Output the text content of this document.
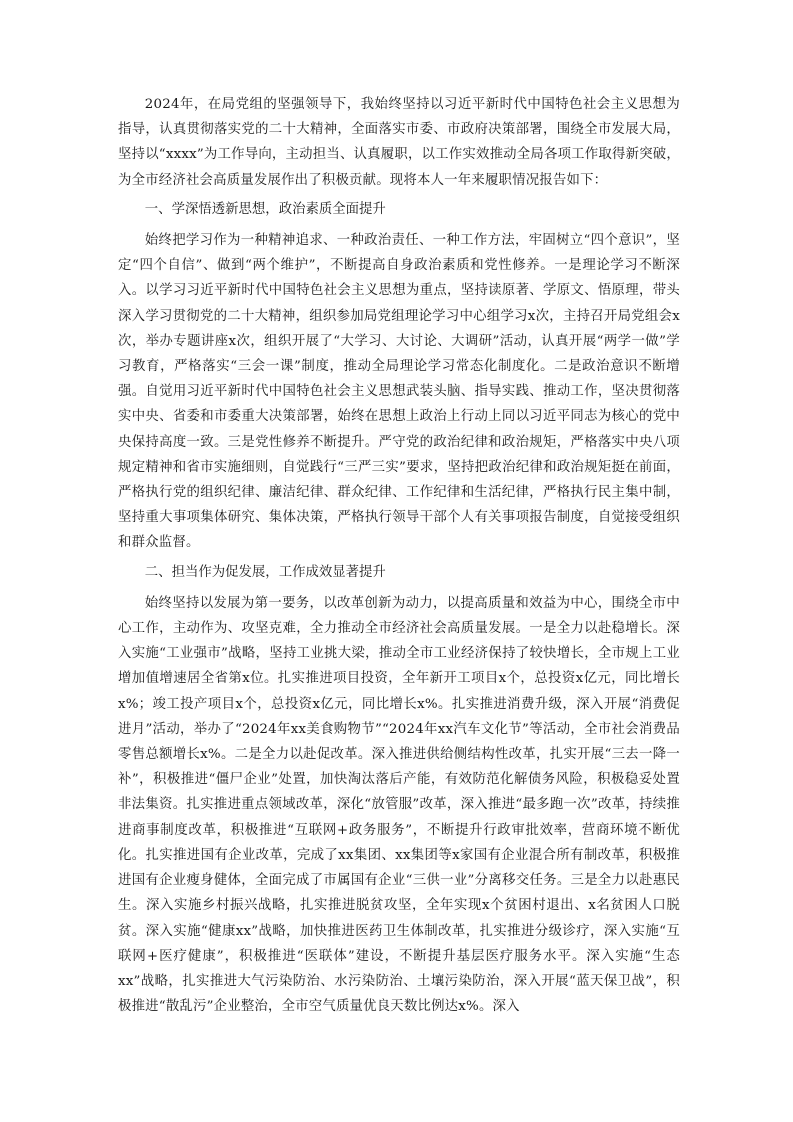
2024年，在局党组的坚强领导下，我始终坚持以习近平新时代中国特色社会主义思想为指导，认真贯彻落实党的二十大精神，全面落实市委、市政府决策部署，围绕全市发展大局，坚持以“xxxx”为工作导向，主动担当、认真履职，以工作实效推动全局各项工作取得新突破，为全市经济社会高质量发展作出了积极贡献。现将本人一年来履职情况报告如下：

一、学深悟透新思想，政治素质全面提升

始终把学习作为一种精神追求、一种政治责任、一种工作方法，牢固树立“四个意识”，坚定“四个自信”、做到“两个维护”，不断提高自身政治素质和党性修养。一是理论学习不断深入。以学习习近平新时代中国特色社会主义思想为重点，坚持读原著、学原文、悟原理，带头深入学习贯彻党的二十大精神，组织参加局党组理论学习中心组学习x次，主持召开局党组会x次，举办专题讲座x次，组织开展了“大学习、大讨论、大调研”活动，认真开展“两学一做”学习教育，严格落实“三会一课”制度，推动全局理论学习常态化制度化。二是政治意识不断增强。自觉用习近平新时代中国特色社会主义思想武装头脑、指导实践、推动工作，坚决贯彻落实中央、省委和市委重大决策部署，始终在思想上政治上行动上同以习近平同志为核心的党中央保持高度一致。三是党性修养不断提升。严守党的政治纪律和政治规矩，严格落实中央八项规定精神和省市实施细则，自觉践行“三严三实”要求，坚持把政治纪律和政治规矩挺在前面，严格执行党的组织纪律、廉洁纪律、群众纪律、工作纪律和生活纪律，严格执行民主集中制，坚持重大事项集体研究、集体决策，严格执行领导干部个人有关事项报告制度，自觉接受组织和群众监督。

二、担当作为促发展，工作成效显著提升

始终坚持以发展为第一要务，以改革创新为动力，以提高质量和效益为中心，围绕全市中心工作，主动作为、攻坚克难，全力推动全市经济社会高质量发展。一是全力以赴稳增长。深入实施“工业强市”战略，坚持工业挑大梁，推动全市工业经济保持了较快增长，全市规上工业增加值增速居全省第x位。扎实推进项目投资，全年新开工项目x个，总投资x亿元，同比增长x%；竣工投产项目x个，总投资x亿元，同比增长x%。扎实推进消费升级，深入开展“消费促进月”活动，举办了“2024年xx美食购物节”“2024年xx汽车文化节”等活动，全市社会消费品零售总额增长x%。二是全力以赴促改革。深入推进供给侧结构性改革，扎实开展“三去一降一补”，积极推进“僵尸企业”处置，加快淘汰落后产能，有效防范化解债务风险，积极稳妥处置非法集资。扎实推进重点领域改革，深化“放管服”改革，深入推进“最多跑一次”改革，持续推进商事制度改革，积极推进“互联网+政务服务”，不断提升行政审批效率，营商环境不断优化。扎实推进国有企业改革，完成了xx集团、xx集团等x家国有企业混合所有制改革，积极推进国有企业瘦身健体，全面完成了市属国有企业“三供一业”分离移交任务。三是全力以赴惠民生。深入实施乡村振兴战略，扎实推进脱贫攻坚，全年实现x个贫困村退出、x名贫困人口脱贫。深入实施“健康xx”战略，加快推进医药卫生体制改革，扎实推进分级诊疗，深入实施“互联网+医疗健康”，积极推进“医联体”建设，不断提升基层医疗服务水平。深入实施“生态xx”战略，扎实推进大气污染防治、水污染防治、土壤污染防治，深入开展“蓝天保卫战”，积极推进“散乱污”企业整治，全市空气质量优良天数比例达x%。深入
